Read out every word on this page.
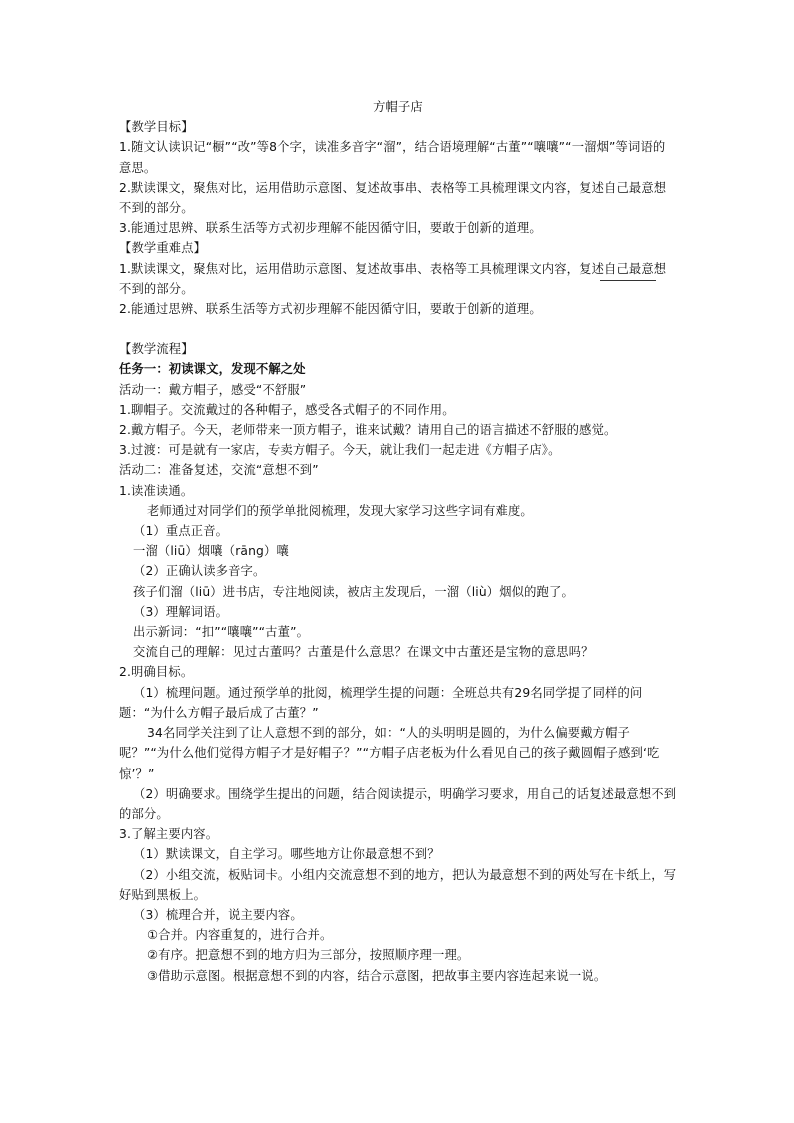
方帽子店

【教学目标】

1.随文认读识记“橱”“改”等8个字，读准多音字“溜”，结合语境理解“古董”“嚷嚷”“一溜烟”等词语的意思。

2.默读课文，聚焦对比，运用借助示意图、复述故事串、表格等工具梳理课文内容，复述自己最意想不到的部分。

3.能通过思辨、联系生活等方式初步理解不能因循守旧，要敢于创新的道理。

【教学重难点】

1.默读课文，聚焦对比，运用借助示意图、复述故事串、表格等工具梳理课文内容，复述自己最意想不到的部分。

2.能通过思辨、联系生活等方式初步理解不能因循守旧，要敢于创新的道理。

【教学流程】

任务一：初读课文，发现不解之处

活动一：戴方帽子，感受“不舒服”

1.聊帽子。交流戴过的各种帽子，感受各式帽子的不同作用。

2.戴方帽子。今天，老师带来一顶方帽子，谁来试戴？请用自己的语言描述不舒服的感觉。

3.过渡：可是就有一家店，专卖方帽子。今天，就让我们一起走进《方帽子店》。

活动二：准备复述，交流“意想不到”

1.读准读通。

老师通过对同学们的预学单批阅梳理，发现大家学习这些字词有难度。

（1）重点正音。

一溜（liū）烟嚷（rāng）嚷

（2）正确认读多音字。

孩子们溜（liū）进书店，专注地阅读，被店主发现后，一溜（liù）烟似的跑了。

（3）理解词语。

出示新词：“扣”“嚷嚷”“古董”。

交流自己的理解：见过古董吗？古董是什么意思？在课文中古董还是宝物的意思吗？

2.明确目标。

（1）梳理问题。通过预学单的批阅，梳理学生提的问题：全班总共有29名同学提了同样的问题：“为什么方帽子最后成了古董？”

34名同学关注到了让人意想不到的部分，如：“人的头明明是圆的，为什么偏要戴方帽子呢？”“为什么他们觉得方帽子才是好帽子？”“方帽子店老板为什么看见自己的孩子戴圆帽子感到‘吃惊’？”

（2）明确要求。围绕学生提出的问题，结合阅读提示，明确学习要求，用自己的话复述最意想不到的部分。

3.了解主要内容。

（1）默读课文，自主学习。哪些地方让你最意想不到？

（2）小组交流，板贴词卡。小组内交流意想不到的地方，把认为最意想不到的两处写在卡纸上，写好贴到黑板上。

（3）梳理合并，说主要内容。

①合并。内容重复的，进行合并。

②有序。把意想不到的地方归为三部分，按照顺序理一理。

③借助示意图。根据意想不到的内容，结合示意图，把故事主要内容连起来说一说。
